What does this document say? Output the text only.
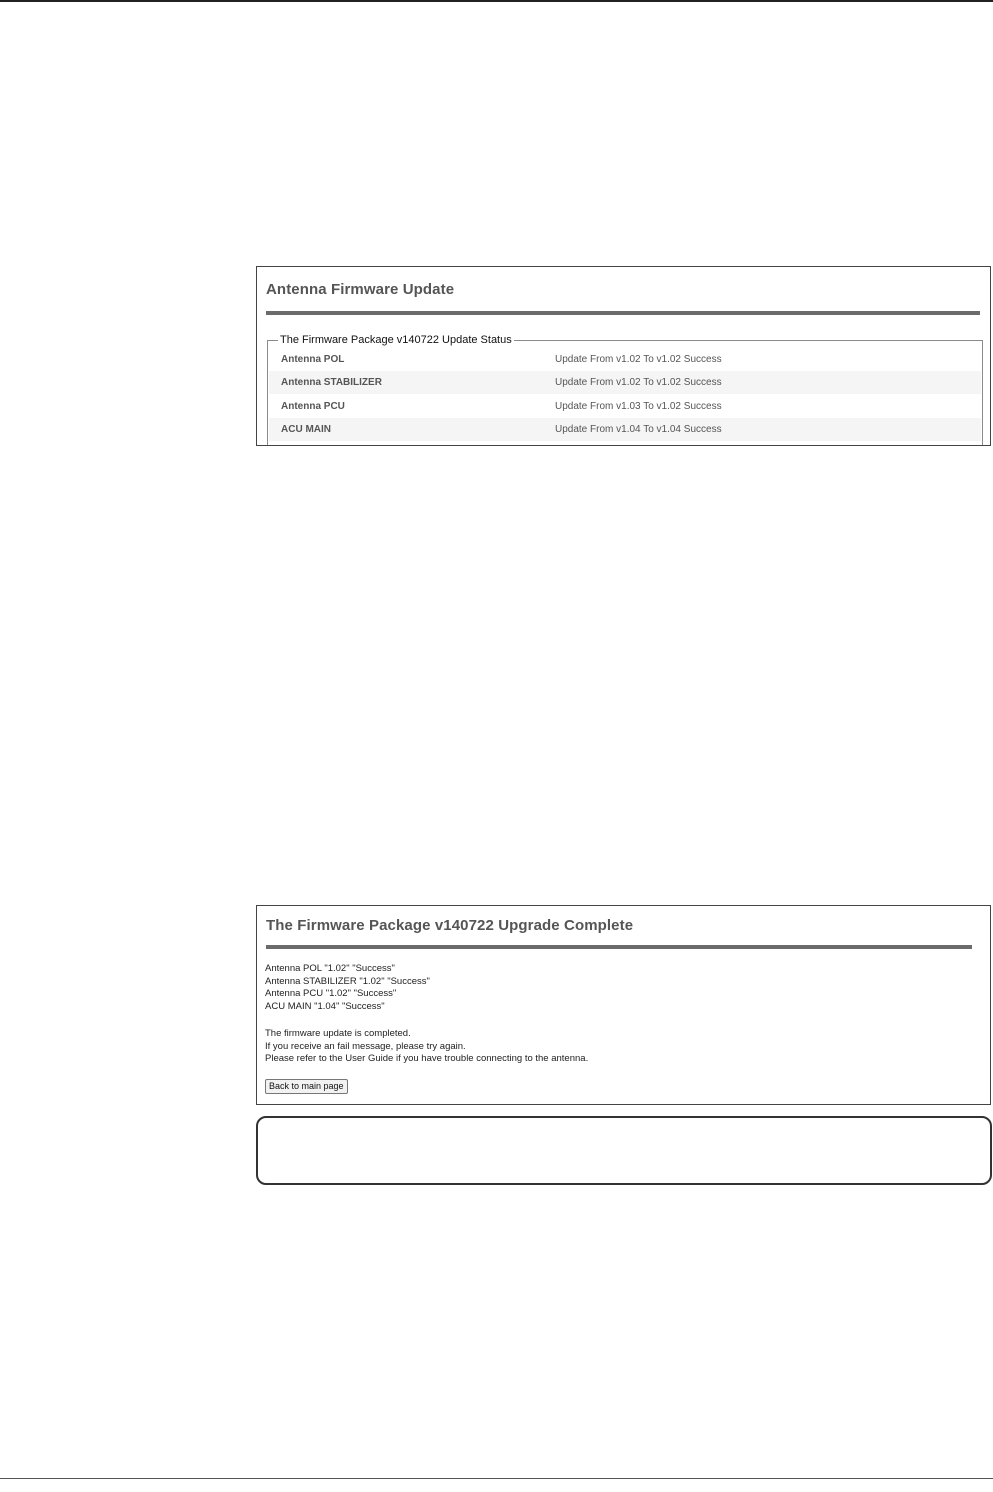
Antenna Firmware Update
The Firmware Package v140722 Update Status
Antenna POL	Update From v1.02 To v1.02 Success
Antenna STABILIZER	Update From v1.02 To v1.02 Success
Antenna PCU	Update From v1.03 To v1.02 Success
ACU MAIN	Update From v1.04 To v1.04 Success
The Firmware Package v140722 Upgrade Complete
Antenna POL "1.02" "Success"
Antenna STABILIZER "1.02" "Success"
Antenna PCU "1.02" "Success"
ACU MAIN "1.04" "Success"
The firmware update is completed.
If you receive an fail message, please try again.
Please refer to the User Guide if you have trouble connecting to the antenna.
Back to main page
